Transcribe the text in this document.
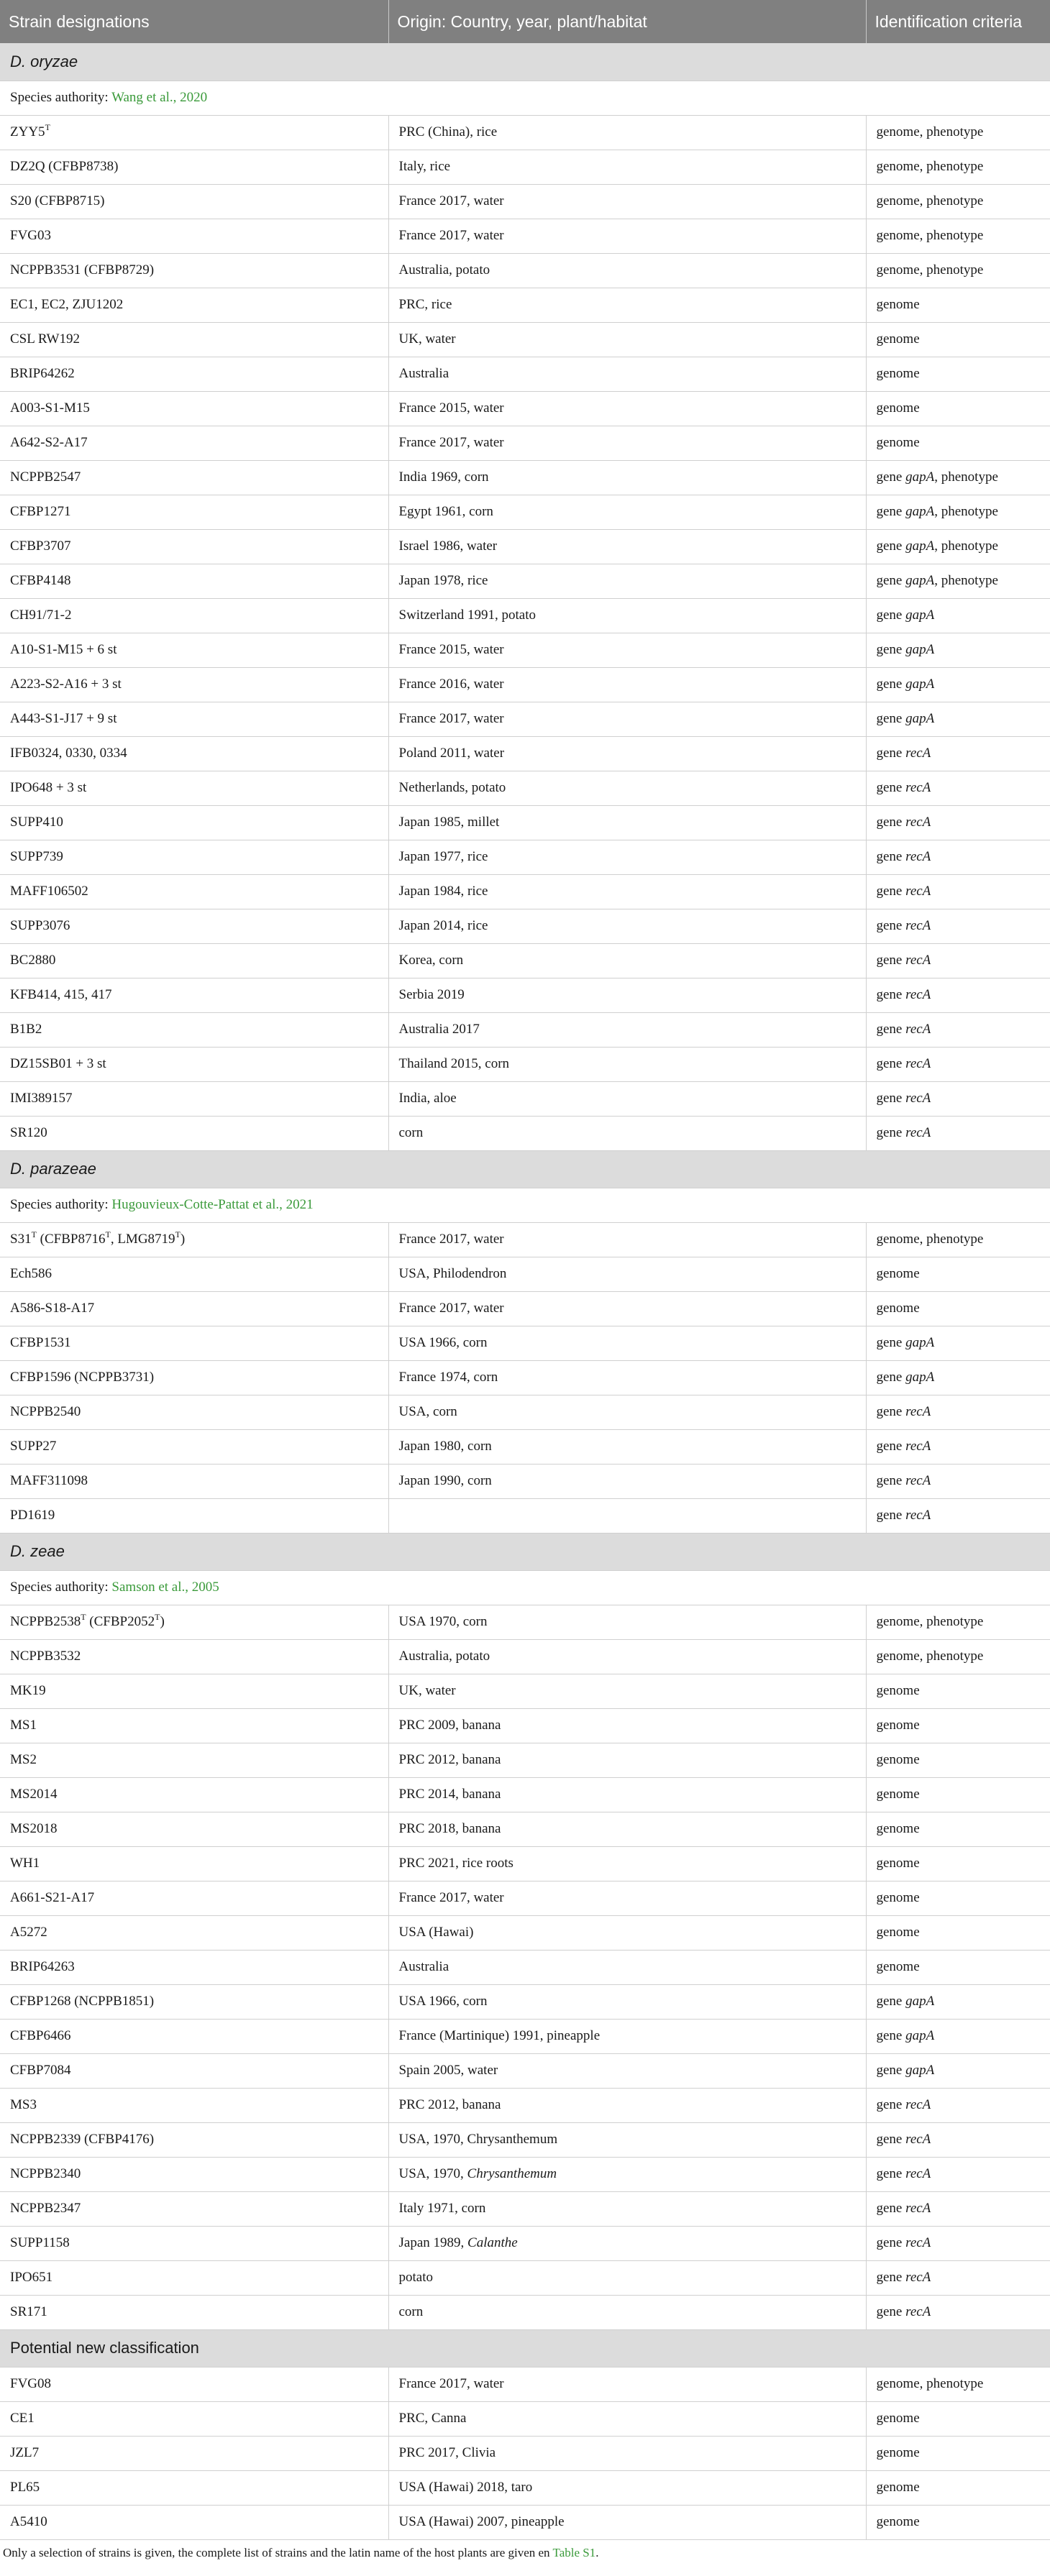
Strain designations	Origin: Country, year, plant/habitat	Identification criteria
D. oryzae		
Species authority: Wang et al., 2020		
$ZYY5^T$	PRC (China), rice	genome, phenotype
DZ2Q (CFBP8738)	Italy, rice	genome, phenotype
S20 (CFBP8715)	France 2017, water	genome, phenotype
FVG03	France 2017, water	genome, phenotype
NCPPB3531 (CFBP8729)	Australia, potato	genome, phenotype
EC1, EC2, ZJU1202	PRC, rice	genome
CSL RW192	UK, water	genome
BRIP64262	Australia	genome
A003-S1-M15	France 2015, water	genome
A642-S2-A17	France 2017, water	genome
NCPPB2547	India 1969, corn	gene gapA, phenotype
CFBP1271	Egypt 1961, corn	gene gapA, phenotype
CFBP3707	Israel 1986, water	gene gapA, phenotype
CFBP4148	Japan 1978, rice	gene gapA, phenotype
CH91/71-2	Switzerland 1991, potato	gene gapA
A10-S1-M15 + 6 st	France 2015, water	gene gapA
A223-S2-A16 + 3 st	France 2016, water	gene gapA
A443-S1-J17 + 9 st	France 2017, water	gene gapA
IFB0324, 0330, 0334	Poland 2011, water	gene recA
IPO648 + 3 st	Netherlands, potato	gene recA
SUPP410	Japan 1985, millet	gene recA
SUPP739	Japan 1977, rice	gene recA
MAFF106502	Japan 1984, rice	gene recA
SUPP3076	Japan 2014, rice	gene recA
BC2880	Korea, corn	gene recA
KFB414, 415, 417	Serbia 2019	gene recA
B1B2	Australia 2017	gene recA
DZ15SB01 + 3 st	Thailand 2015, corn	gene recA
IMI389157	India, aloe	gene recA
SR120	corn	gene recA
D. parazeae		
Species authority: Hugouvieux-Cotte-Pattat et al., 2021		
$S31^T$ ($CFBP8716^T$, $LMG8719^T$)	France 2017, water	genome, phenotype
Ech586	USA, Philodendron	genome
A586-S18-A17	France 2017, water	genome
CFBP1531	USA 1966, corn	gene gapA
CFBP1596 (NCPPB3731)	France 1974, corn	gene gapA
NCPPB2540	USA, corn	gene recA
SUPP27	Japan 1980, corn	gene recA
MAFF311098	Japan 1990, corn	gene recA
PD1619		gene recA
D. zeae		
Species authority: Samson et al., 2005		
$NCPPB2538^T$ $(CFBP2052^T)$	USA 1970, corn	genome, phenotype
NCPPB3532	Australia, potato	genome, phenotype
MK19	UK, water	genome
MS1	PRC 2009, banana	genome
MS2	PRC 2012, banana	genome
MS2014	PRC 2014, banana	genome
MS2018	PRC 2018, banana	genome
WH1	PRC 2021, rice roots	genome
A661-S21-A17	France 2017, water	genome
A5272	USA (Hawai)	genome
BRIP64263	Australia	genome
CFBP1268 (NCPPB1851)	USA 1966, corn	gene gapA
CFBP6466	France (Martinique) 1991, pineapple	gene gapA
CFBP7084	Spain 2005, water	gene gapA
MS3	PRC 2012, banana	gene recA
NCPPB2339 (CFBP4176)	USA, 1970, Chrysanthemum	gene recA
NCPPB2340	USA, 1970, Chrysanthemum	gene recA
NCPPB2347	Italy 1971, corn	gene recA
SUPP1158	Japan 1989, Calanthe	gene recA
IPO651	potato	gene recA
SR171	corn	gene recA
Potential new classification		
FVG08	France 2017, water	genome, phenotype
CE1	PRC, Canna	genome
JZL7	PRC 2017, Clivia	genome
PL65	USA (Hawai) 2018, taro	genome
A5410	USA (Hawai) 2007, pineapple	genome
Only a selection of strains is given, the complete list of strains and the latin name of the host plants are given en Table S1.
